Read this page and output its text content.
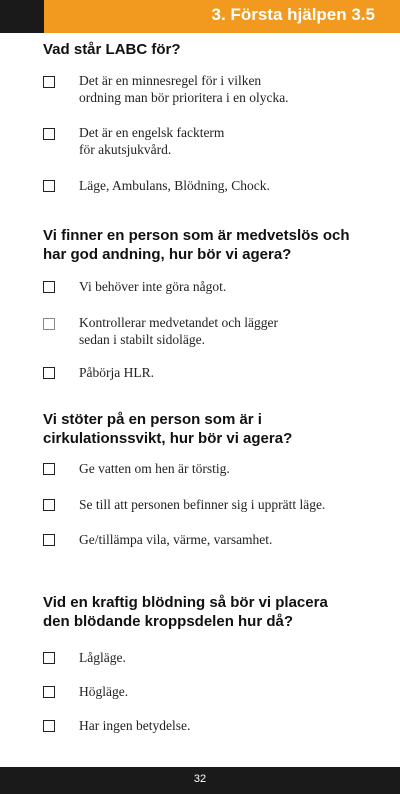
3. Första hjälpen 3.5
Vad står LABC för?
Det är en minnesregel för i vilken
ordning man bör prioritera i en olycka.
Det är en engelsk fackterm
för akutsjukvård.
Läge, Ambulans, Blödning, Chock.
Vi finner en person som är medvetslös och
har god andning, hur bör vi agera?
Vi behöver inte göra något.
Kontrollerar medvetandet och lägger
sedan i stabilt sidoläge.
Påbörja HLR.
Vi stöter på en person som är i
cirkulationssvikt, hur bör vi agera?
Ge vatten om hen är törstig.
Se till att personen befinner sig i upprätt läge.
Ge/tillämpa vila, värme, varsamhet.
Vid en kraftig blödning så bör vi placera
den blödande kroppsdelen hur då?
Lågläge.
Högläge.
Har ingen betydelse.
32
